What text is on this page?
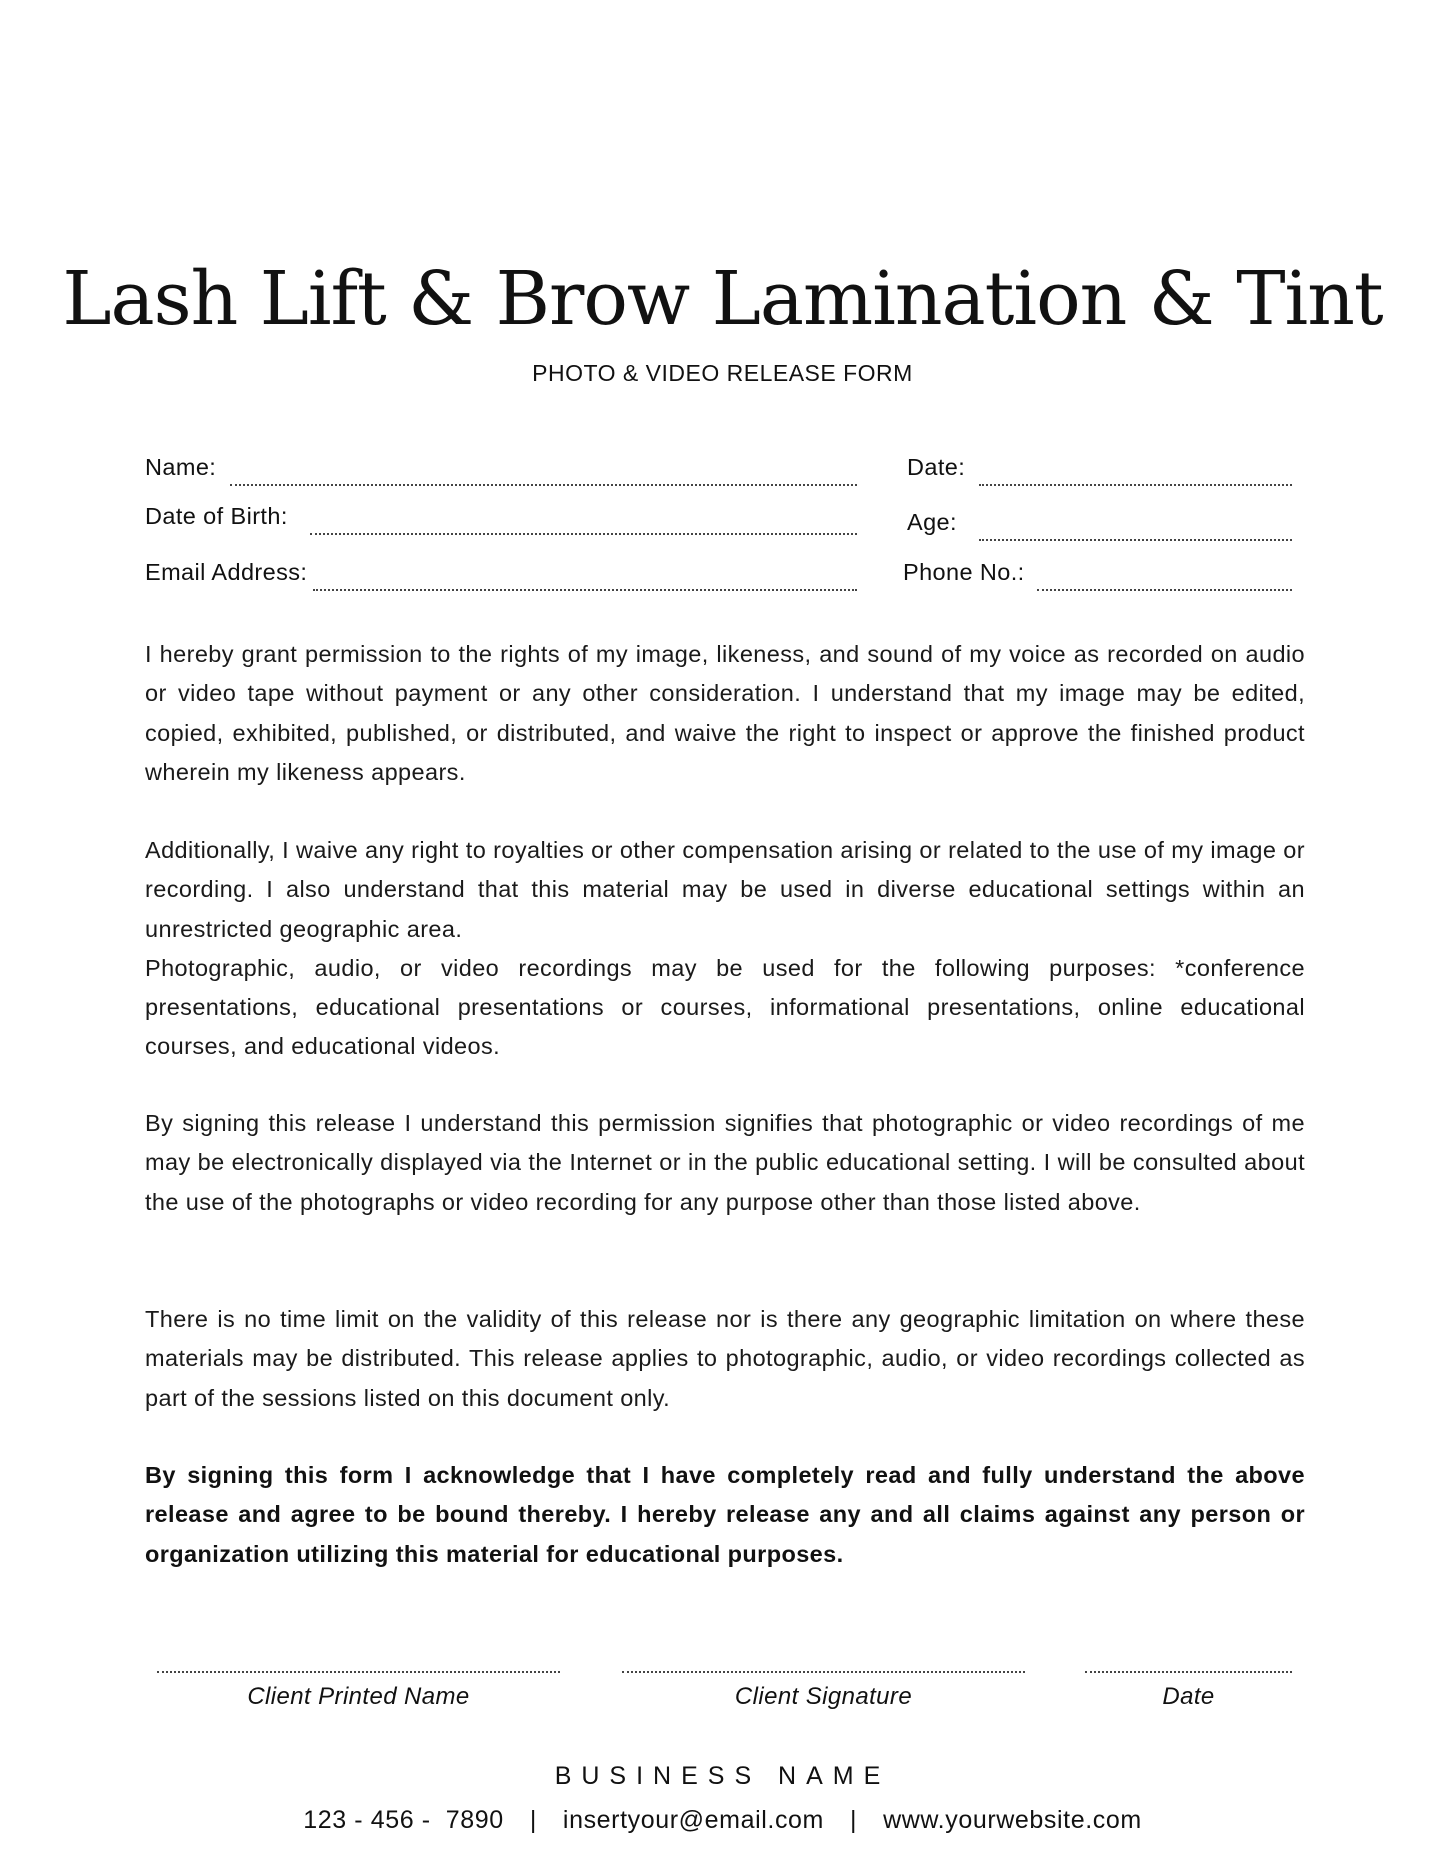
Lash Lift & Brow Lamination & Tint
PHOTO & VIDEO RELEASE FORM
Name:	Date:
Date of Birth:	Age:
Email Address:	Phone No.:

I hereby grant permission to the rights of my image, likeness, and sound of my voice as recorded on audio or video tape without payment or any other consideration. I understand that my image may be edited, copied, exhibited, published, or distributed, and waive the right to inspect or approve the finished product wherein my likeness appears.

Additionally, I waive any right to royalties or other compensation arising or related to the use of my image or recording. I also understand that this material may be used in diverse educational settings within an unrestricted geographic area.

Photographic, audio, or video recordings may be used for the following purposes: *conference presentations, educational presentations or courses, informational presentations, online educational courses, and educational videos.

By signing this release I understand this permission signifies that photographic or video recordings of me may be electronically displayed via the Internet or in the public educational setting. I will be consulted about the use of the photographs or video recording for any purpose other than those listed above.

There is no time limit on the validity of this release nor is there any geographic limitation on where these materials may be distributed. This release applies to photographic, audio, or video recordings collected as part of the sessions listed on this document only.

By signing this form I acknowledge that I have completely read and fully understand the above release and agree to be bound thereby. I hereby release any and all claims against any person or organization utilizing this material for educational purposes.

Client Printed Name	Client Signature	Date
BUSINESS NAME
123 - 456 -  7890 | insertyour@email.com | www.yourwebsite.com
